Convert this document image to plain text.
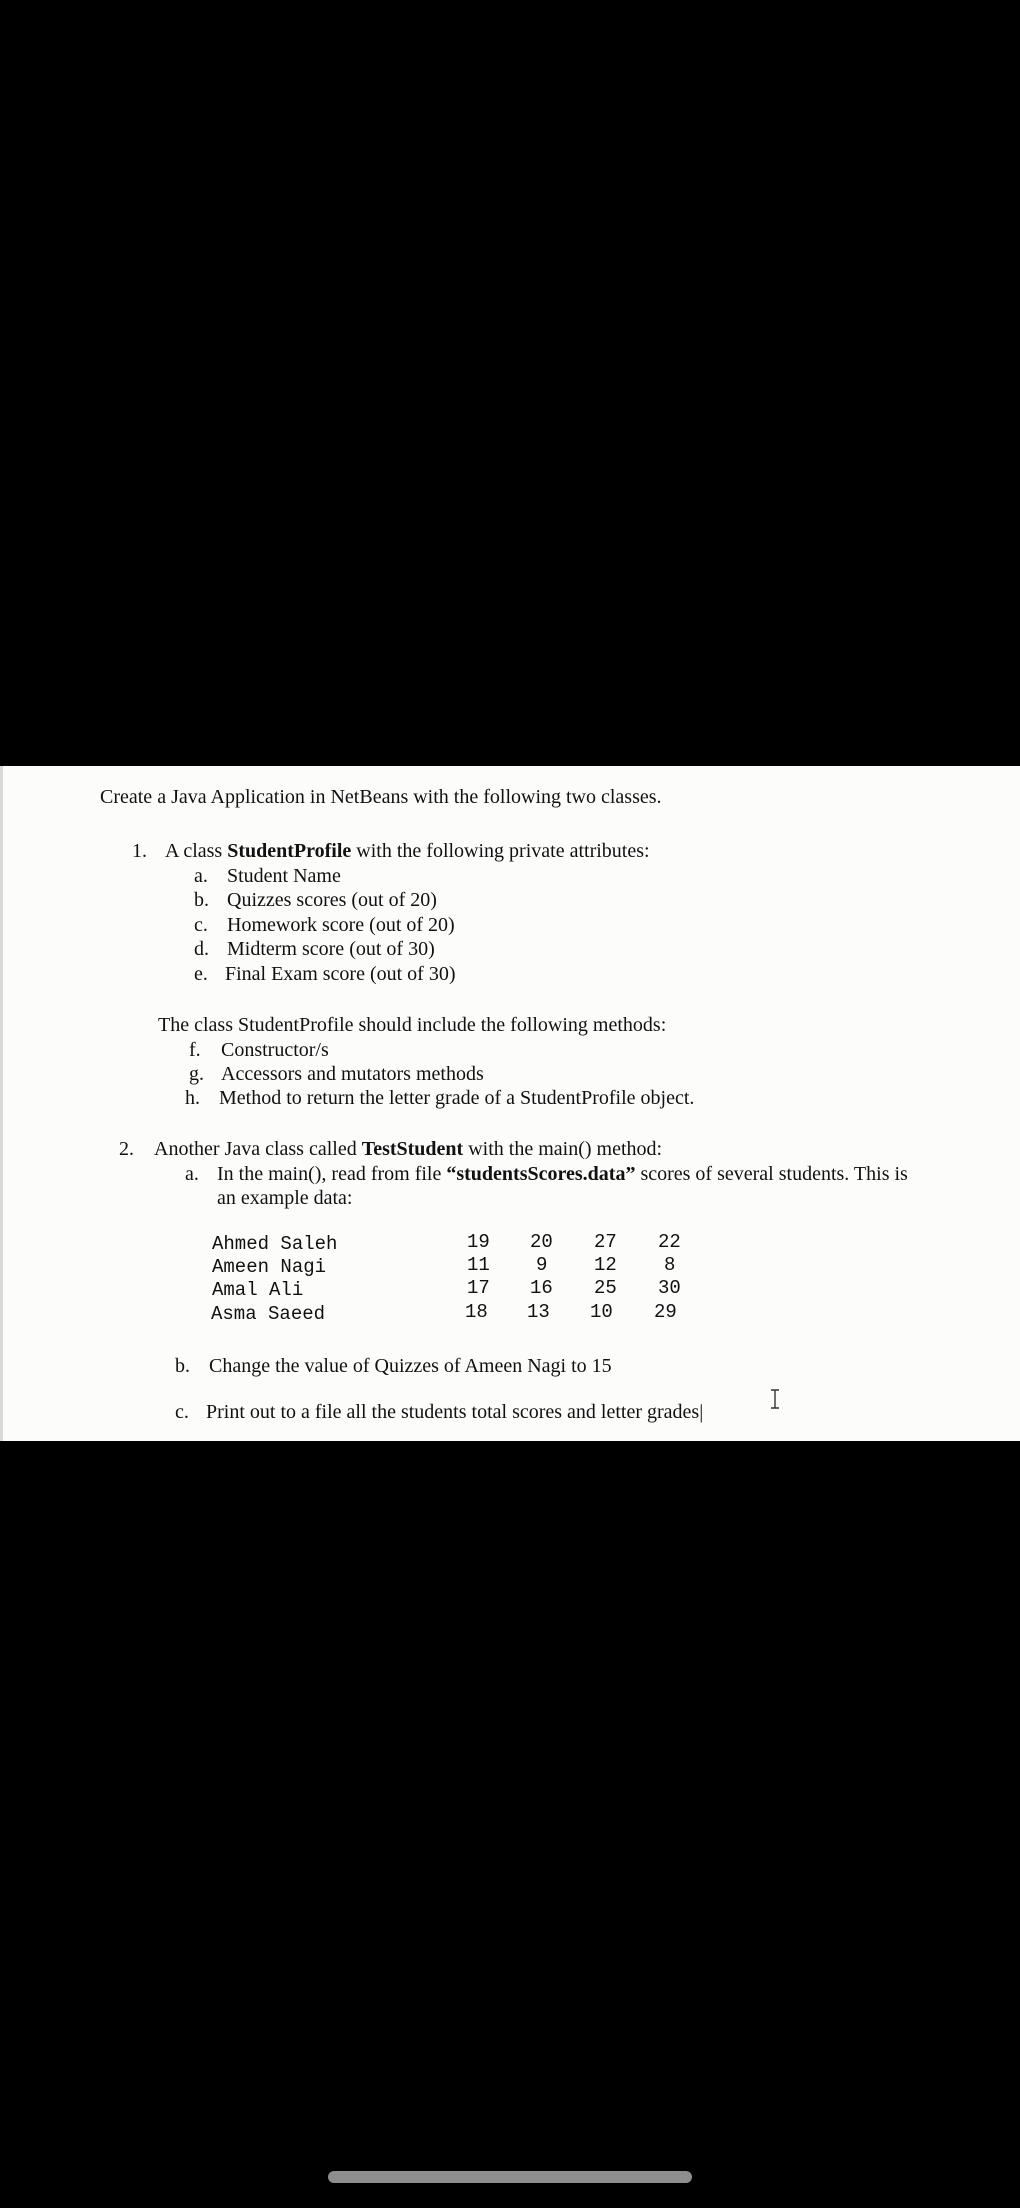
Create a Java Application in NetBeans with the following two classes.
1. A class StudentProfile with the following private attributes:
a. Student Name
b. Quizzes scores (out of 20)
c. Homework score (out of 20)
d. Midterm score (out of 30)
e. Final Exam score (out of 30)
The class StudentProfile should include the following methods:
f. Constructor/s
g. Accessors and mutators methods
h. Method to return the letter grade of a StudentProfile object.
2. Another Java class called TestStudent with the main() method:
a. In the main(), read from file “studentsScores.data” scores of several students. This is
an example data:
Ahmed Saleh	19 20 27 22
Ameen Nagi	11 9 12 8
Amal Ali	17 16 25 30
Asma Saeed	18 13 10 29
b. Change the value of Quizzes of Ameen Nagi to 15
c. Print out to a file all the students total scores and letter grades|
